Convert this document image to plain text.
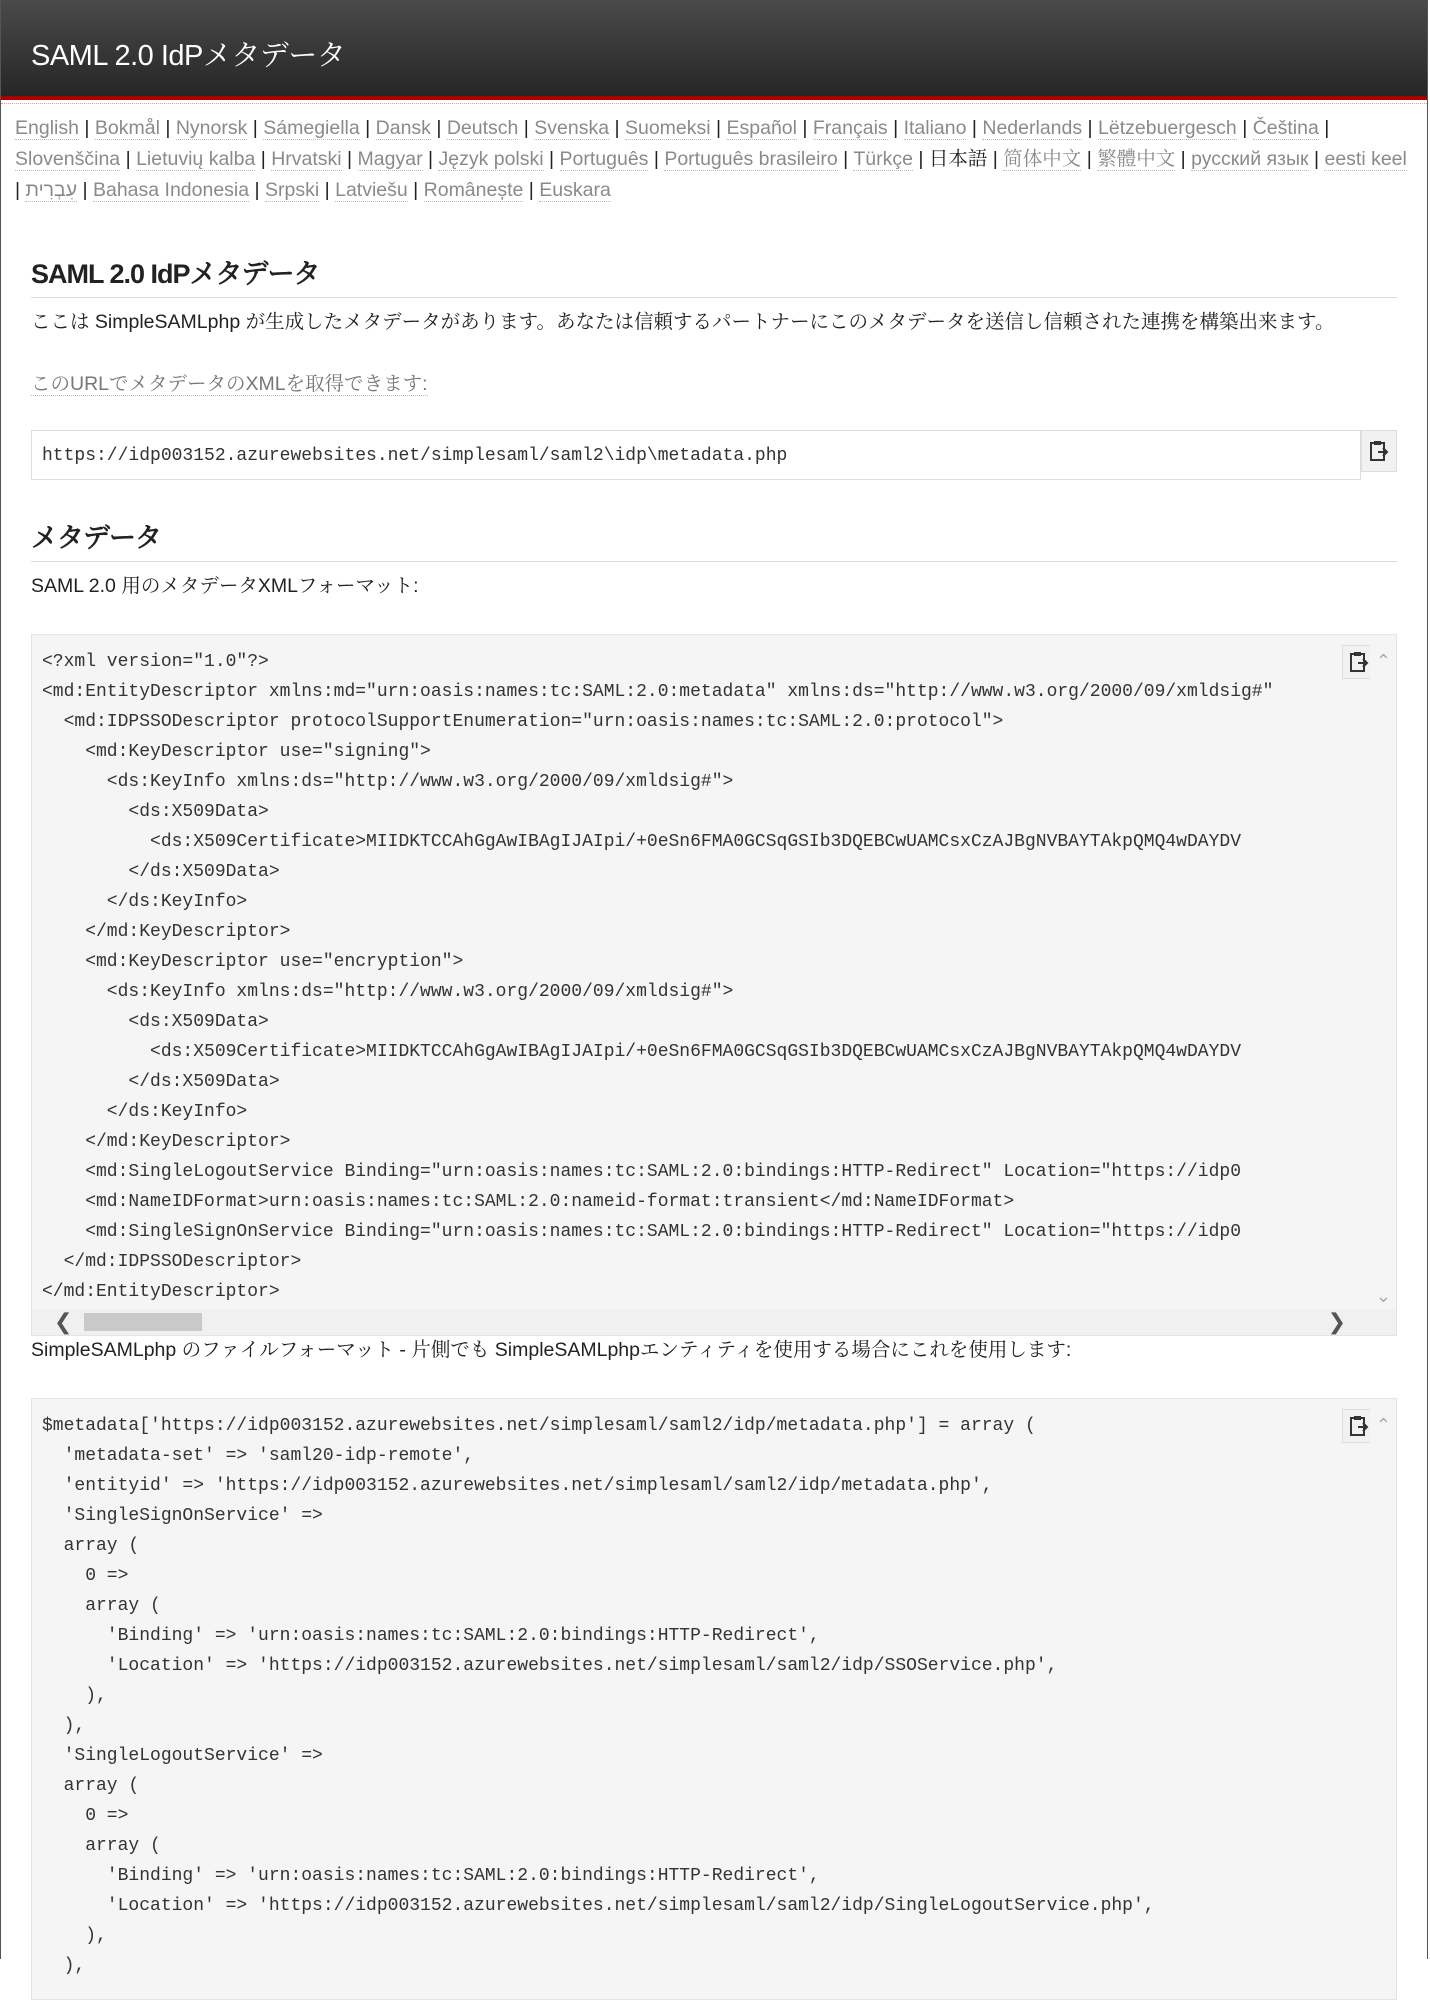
SAML 2.0 IdPメタデータ
English | Bokmål | Nynorsk | Sámegiella | Dansk | Deutsch | Svenska | Suomeksi | Español | Français | Italiano | Nederlands | Lëtzebuergesch | Čeština | Slovenščina | Lietuvių kalba | Hrvatski | Magyar | Język polski | Português | Português brasileiro | Türkçe | 日本語 | 简体中文 | 繁體中文 | русский язык | eesti keel | עִבְרִית | Bahasa Indonesia | Srpski | Latviešu | Românește | Euskara
SAML 2.0 IdPメタデータ

ここは SimpleSAMLphp が生成したメタデータがあります。あなたは信頼するパートナーにこのメタデータを送信し信頼された連携を構築出来ます。

このURLでメタデータのXMLを取得できます:

https://idp003152.azurewebsites.net/simplesaml/saml2\idp\metadata.php
メタデータ

SAML 2.0 用のメタデータXMLフォーマット:

<?xml version="1.0"?>
<md:EntityDescriptor xmlns:md="urn:oasis:names:tc:SAML:2.0:metadata" xmlns:ds="http://www.w3.org/2000/09/xmldsig#"
<md:IDPSSODescriptor protocolSupportEnumeration="urn:oasis:names:tc:SAML:2.0:protocol">
<md:KeyDescriptor use="signing">
<ds:KeyInfo xmlns:ds="http://www.w3.org/2000/09/xmldsig#">
<ds:X509Data>
<ds:X509Certificate>MIIDKTCCAhGgAwIBAgIJAIpi/+0eSn6FMA0GCSqGSIb3DQEBCwUAMCsxCzAJBgNVBAYTAkpQMQ4wDAYDV
</ds:X509Data>
</ds:KeyInfo>
</md:KeyDescriptor>
<md:KeyDescriptor use="encryption">
<ds:KeyInfo xmlns:ds="http://www.w3.org/2000/09/xmldsig#">
<ds:X509Data>
<ds:X509Certificate>MIIDKTCCAhGgAwIBAgIJAIpi/+0eSn6FMA0GCSqGSIb3DQEBCwUAMCsxCzAJBgNVBAYTAkpQMQ4wDAYDV
</ds:X509Data>
</ds:KeyInfo>
</md:KeyDescriptor>
<md:SingleLogoutService Binding="urn:oasis:names:tc:SAML:2.0:bindings:HTTP-Redirect" Location="https://idp0
<md:NameIDFormat>urn:oasis:names:tc:SAML:2.0:nameid-format:transient</md:NameIDFormat>
<md:SingleSignOnService Binding="urn:oasis:names:tc:SAML:2.0:bindings:HTTP-Redirect" Location="https://idp0
</md:IDPSSODescriptor>
</md:EntityDescriptor>
⌃
⌄
❮	❯

SimpleSAMLphp のファイルフォーマット - 片側でも SimpleSAMLphpエンティティを使用する場合にこれを使用します:

$metadata['https://idp003152.azurewebsites.net/simplesaml/saml2/idp/metadata.php'] = array (
'metadata-set' => 'saml20-idp-remote',
'entityid' => 'https://idp003152.azurewebsites.net/simplesaml/saml2/idp/metadata.php',
'SingleSignOnService' =>
array (
0 =>
array (
'Binding' => 'urn:oasis:names:tc:SAML:2.0:bindings:HTTP-Redirect',
'Location' => 'https://idp003152.azurewebsites.net/simplesaml/saml2/idp/SSOService.php',
),
),
'SingleLogoutService' =>
array (
0 =>
array (
'Binding' => 'urn:oasis:names:tc:SAML:2.0:bindings:HTTP-Redirect',
'Location' => 'https://idp003152.azurewebsites.net/simplesaml/saml2/idp/SingleLogoutService.php',
),
),
⌃
